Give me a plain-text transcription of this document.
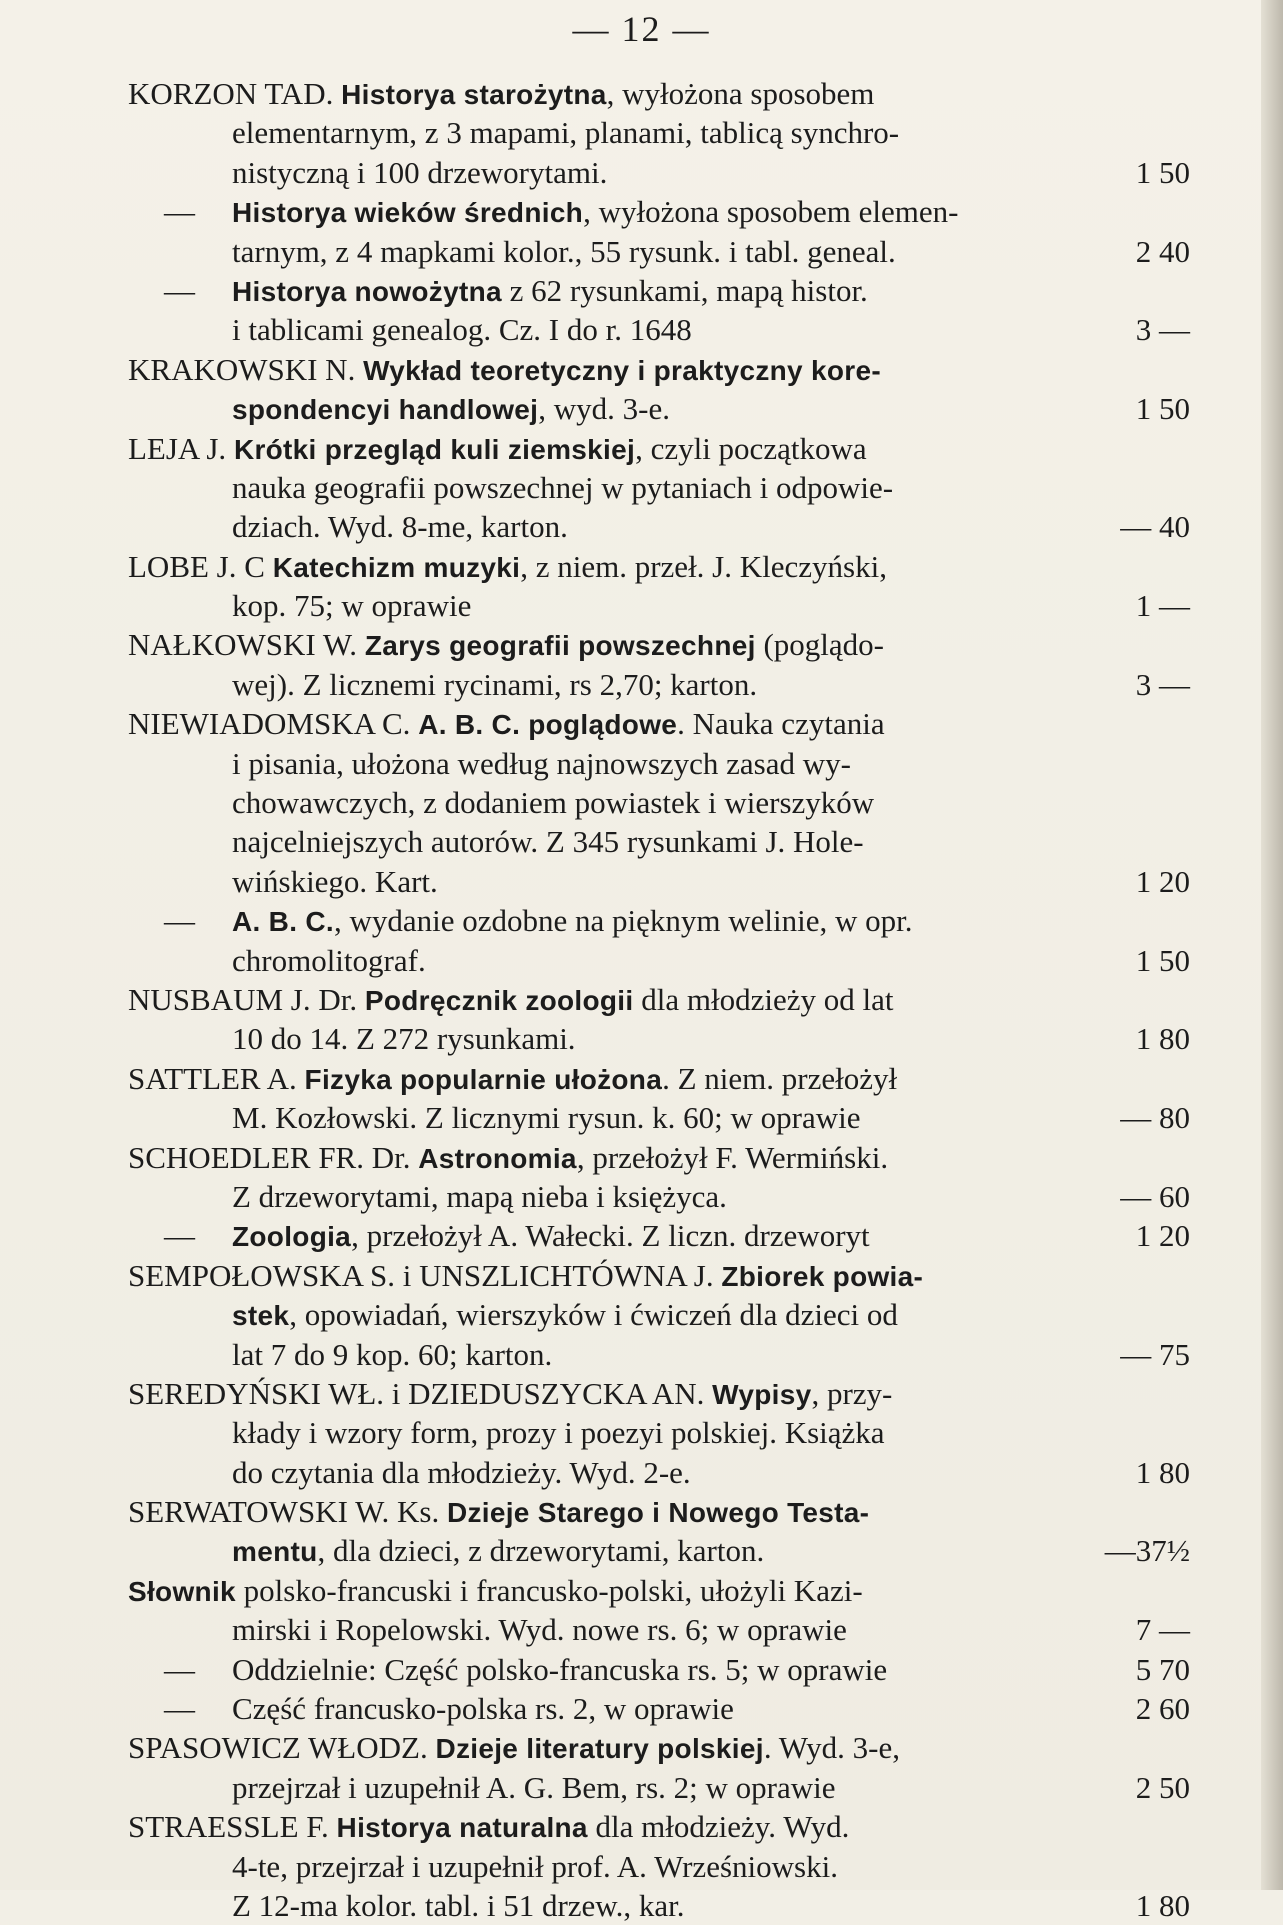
— 12 —
KORZON TAD. Historya starożytna, wyłożona sposobem
elementarnym, z 3 mapami, planami, tablicą synchro-
nistyczną i 100 drzeworytami.	1 50
— Historya wieków średnich, wyłożona sposobem elemen-
tarnym, z 4 mapkami kolor., 55 rysunk. i tabl. geneal.	2 40
— Historya nowożytna z 62 rysunkami, mapą histor.
i tablicami genealog. Cz. I do r. 1648	3 —
KRAKOWSKI N. Wykład teoretyczny i praktyczny kore-
spondencyi handlowej, wyd. 3-e.	1 50
LEJA J. Krótki przegląd kuli ziemskiej, czyli początkowa
nauka geografii powszechnej w pytaniach i odpowie-
dziach. Wyd. 8-me, karton.	— 40
LOBE J. C Katechizm muzyki, z niem. przeł. J. Kleczyński,
kop. 75; w oprawie	1 —
NAŁKOWSKI W. Zarys geografii powszechnej (poglądo-
wej). Z licznemi rycinami, rs 2,70; karton.	3 —
NIEWIADOMSKA C. A. B. C. poglądowe. Nauka czytania
i pisania, ułożona według najnowszych zasad wy-
chowawczych, z dodaniem powiastek i wierszyków
najcelniejszych autorów. Z 345 rysunkami J. Hole-
wińskiego. Kart.	1 20
— A. B. C., wydanie ozdobne na pięknym welinie, w opr.
chromolitograf.	1 50
NUSBAUM J. Dr. Podręcznik zoologii dla młodzieży od lat
10 do 14. Z 272 rysunkami.	1 80
SATTLER A. Fizyka popularnie ułożona. Z niem. przełożył
M. Kozłowski. Z licznymi rysun. k. 60; w oprawie	— 80
SCHOEDLER FR. Dr. Astronomia, przełożył F. Wermiński.
Z drzeworytami, mapą nieba i księżyca.	— 60
— Zoologia, przełożył A. Wałecki. Z liczn. drzeworyt	1 20
SEMPOŁOWSKA S. i UNSZLICHTÓWNA J. Zbiorek powia-
stek, opowiadań, wierszyków i ćwiczeń dla dzieci od
lat 7 do 9 kop. 60; karton.	— 75
SEREDYŃSKI WŁ. i DZIEDUSZYCKA AN. Wypisy, przy-
kłady i wzory form, prozy i poezyi polskiej. Książka
do czytania dla młodzieży. Wyd. 2-e.	1 80
SERWATOWSKI W. Ks. Dzieje Starego i Nowego Testa-
mentu, dla dzieci, z drzeworytami, karton.	—37½
Słownik polsko-francuski i francusko-polski, ułożyli Kazi-
mirski i Ropelowski. Wyd. nowe rs. 6; w oprawie	7 —
— Oddzielnie: Część polsko-francuska rs. 5; w oprawie	5 70
— Część francusko-polska rs. 2, w oprawie	2 60
SPASOWICZ WŁODZ. Dzieje literatury polskiej. Wyd. 3-e,
przejrzał i uzupełnił A. G. Bem, rs. 2; w oprawie	2 50
STRAESSLE F. Historya naturalna dla młodzieży. Wyd.
4-te, przejrzał i uzupełnił prof. A. Wrześniowski.
Z 12-ma kolor. tabl. i 51 drzew., kar.	1 80
